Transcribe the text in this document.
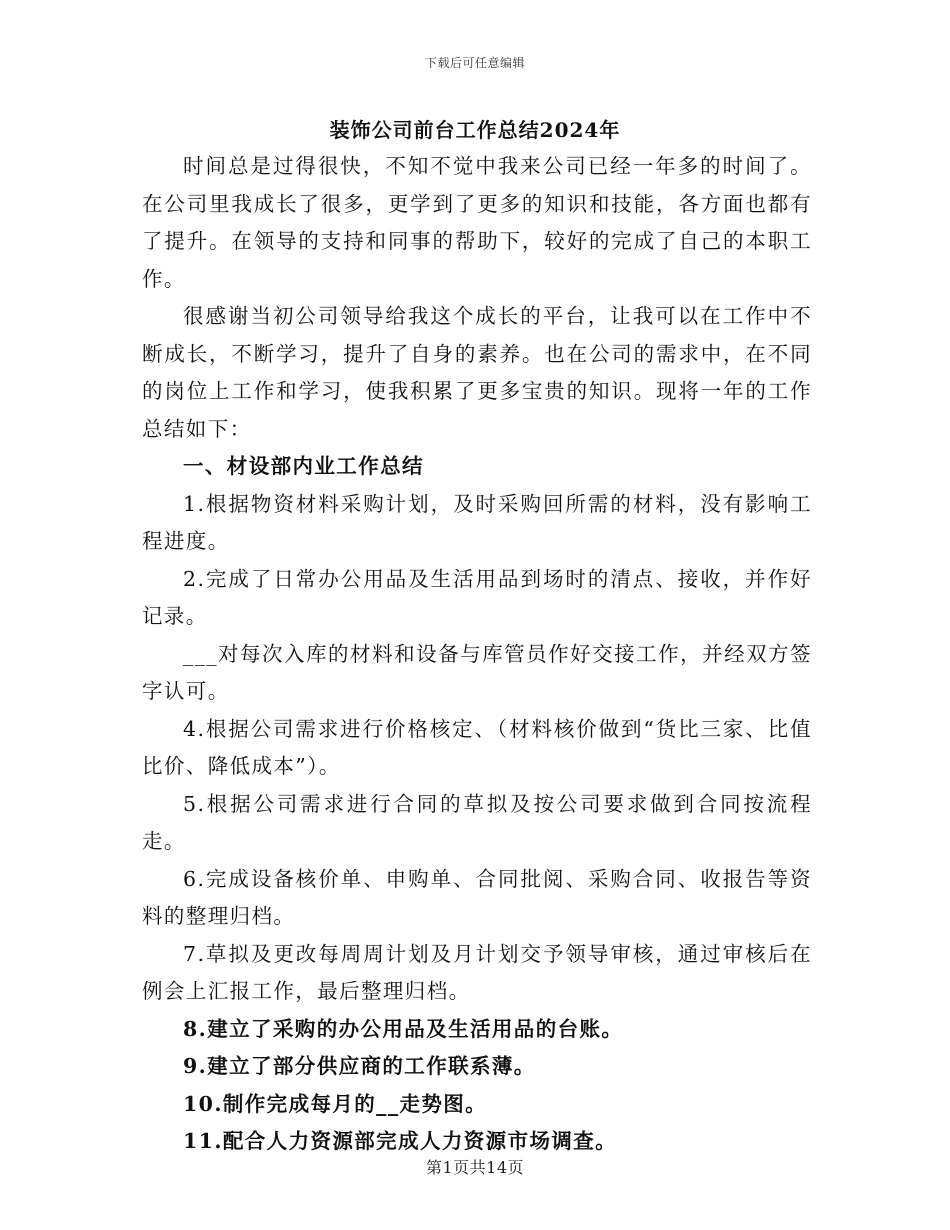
下载后可任意编辑
装饰公司前台工作总结2024年

时间总是过得很快，不知不觉中我来公司已经一年多的时间了。在公司里我成长了很多，更学到了更多的知识和技能，各方面也都有了提升。在领导的支持和同事的帮助下，较好的完成了自己的本职工作。

很感谢当初公司领导给我这个成长的平台，让我可以在工作中不断成长，不断学习，提升了自身的素养。也在公司的需求中，在不同的岗位上工作和学习，使我积累了更多宝贵的知识。现将一年的工作总结如下：

一、材设部内业工作总结

1.根据物资材料采购计划，及时采购回所需的材料，没有影响工程进度。

2.完成了日常办公用品及生活用品到场时的清点、接收，并作好记录。

___对每次入库的材料和设备与库管员作好交接工作，并经双方签字认可。

4.根据公司需求进行价格核定、（材料核价做到“货比三家、比值比价、降低成本”）。

5.根据公司需求进行合同的草拟及按公司要求做到合同按流程走。

6.完成设备核价单、申购单、合同批阅、采购合同、收报告等资料的整理归档。

7.草拟及更改每周周计划及月计划交予领导审核，通过审核后在例会上汇报工作，最后整理归档。

8.建立了采购的办公用品及生活用品的台账。

9.建立了部分供应商的工作联系薄。

10.制作完成每月的__走势图。

11.配合人力资源部完成人力资源市场调查。

第1页共14页
